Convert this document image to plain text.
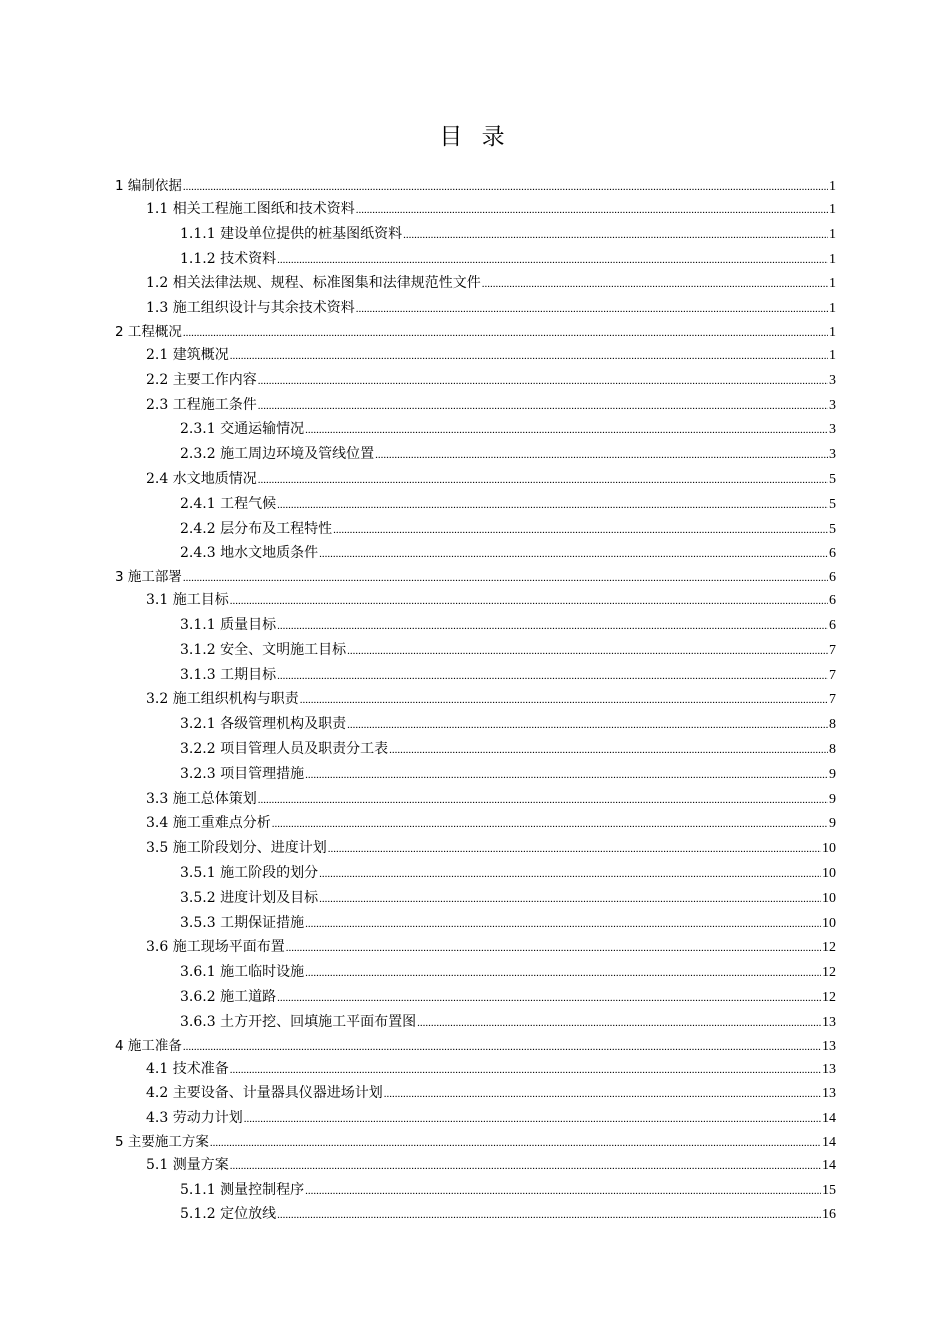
目 录
1 编制依据 .....	1
1.1 相关工程施工图纸和技术资料 .....	1
1.1.1 建设单位提供的桩基图纸资料 .....	1
1.1.2 技术资料 .....	1
1.2 相关法律法规、规程、标准图集和法律规范性文件 .....	1
1.3 施工组织设计与其余技术资料 .....	1
2 工程概况 .....	1
2.1 建筑概况 .....	1
2.2 主要工作内容 .....	3
2.3 工程施工条件 .....	3
2.3.1 交通运输情况 .....	3
2.3.2 施工周边环境及管线位置 .....	3
2.4 水文地质情况 .....	5
2.4.1 工程气候 .....	5
2.4.2 层分布及工程特性 .....	5
2.4.3 地水文地质条件 .....	6
3 施工部署 .....	6
3.1 施工目标 .....	6
3.1.1 质量目标 .....	6
3.1.2 安全、文明施工目标 .....	7
3.1.3 工期目标 .....	7
3.2 施工组织机构与职责 .....	7
3.2.1 各级管理机构及职责 .....	8
3.2.2 项目管理人员及职责分工表 .....	8
3.2.3 项目管理措施 .....	9
3.3 施工总体策划 .....	9
3.4 施工重难点分析 .....	9
3.5 施工阶段划分、进度计划 .....	10
3.5.1 施工阶段的划分 .....	10
3.5.2 进度计划及目标 .....	10
3.5.3 工期保证措施 .....	10
3.6 施工现场平面布置 .....	12
3.6.1 施工临时设施 .....	12
3.6.2 施工道路 .....	12
3.6.3 土方开挖、回填施工平面布置图 .....	13
4 施工准备 .....	13
4.1 技术准备 .....	13
4.2 主要设备、计量器具仪器进场计划 .....	13
4.3 劳动力计划 .....	14
5 主要施工方案 .....	14
5.1 测量方案 .....	14
5.1.1 测量控制程序 .....	15
5.1.2 定位放线 .....	16
